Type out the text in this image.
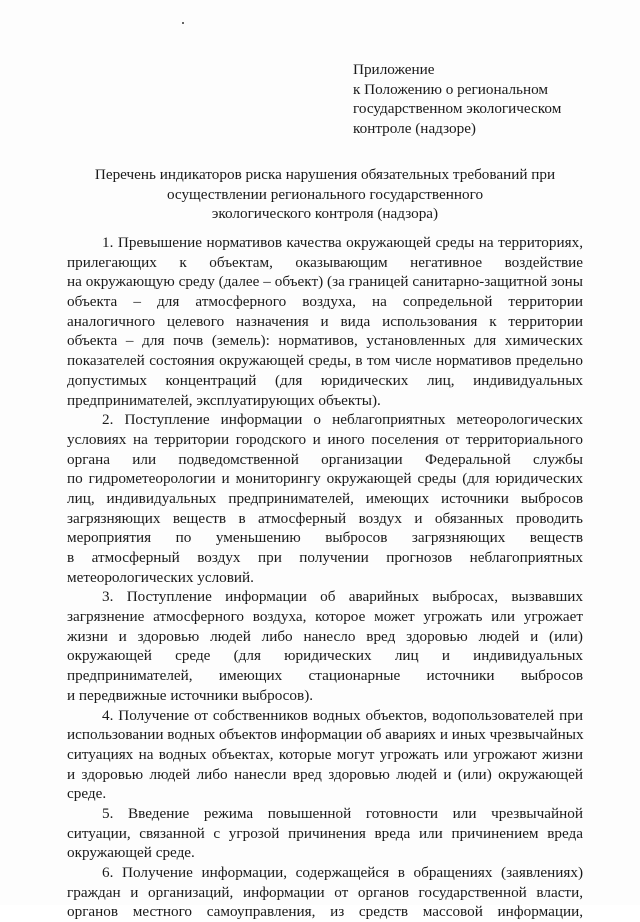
Приложение
к Положению о региональном
государственном экологическом
контроле (надзоре)
Перечень индикаторов риска нарушения обязательных требований при
осуществлении регионального государственного
экологического контроля (надзора)
1. Превышение нормативов качества окружающей среды на территориях,
прилегающих к объектам, оказывающим негативное воздействие
на окружающую среду (далее – объект) (за границей санитарно-защитной зоны
объекта – для атмосферного воздуха, на сопредельной территории
аналогичного целевого назначения и вида использования к территории
объекта – для почв (земель): нормативов, установленных для химических
показателей состояния окружающей среды, в том числе нормативов предельно
допустимых концентраций (для юридических лиц, индивидуальных
предпринимателей, эксплуатирующих объекты).
2. Поступление информации о неблагоприятных метеорологических
условиях на территории городского и иного поселения от территориального
органа или подведомственной организации Федеральной службы
по гидрометеорологии и мониторингу окружающей среды (для юридических
лиц, индивидуальных предпринимателей, имеющих источники выбросов
загрязняющих веществ в атмосферный воздух и обязанных проводить
мероприятия по уменьшению выбросов загрязняющих веществ
в атмосферный воздух при получении прогнозов неблагоприятных
метеорологических условий.
3. Поступление информации об аварийных выбросах, вызвавших
загрязнение атмосферного воздуха, которое может угрожать или угрожает
жизни и здоровью людей либо нанесло вред здоровью людей и (или)
окружающей среде (для юридических лиц и индивидуальных
предпринимателей, имеющих стационарные источники выбросов
и передвижные источники выбросов).
4. Получение от собственников водных объектов, водопользователей при
использовании водных объектов информации об авариях и иных чрезвычайных
ситуациях на водных объектах, которые могут угрожать или угрожают жизни
и здоровью людей либо нанесли вред здоровью людей и (или) окружающей
среде.
5. Введение режима повышенной готовности или чрезвычайной
ситуации, связанной с угрозой причинения вреда или причинением вреда
окружающей среде.
6. Получение информации, содержащейся в обращениях (заявлениях)
граждан и организаций, информации от органов государственной власти,
органов местного самоуправления, из средств массовой информации,
